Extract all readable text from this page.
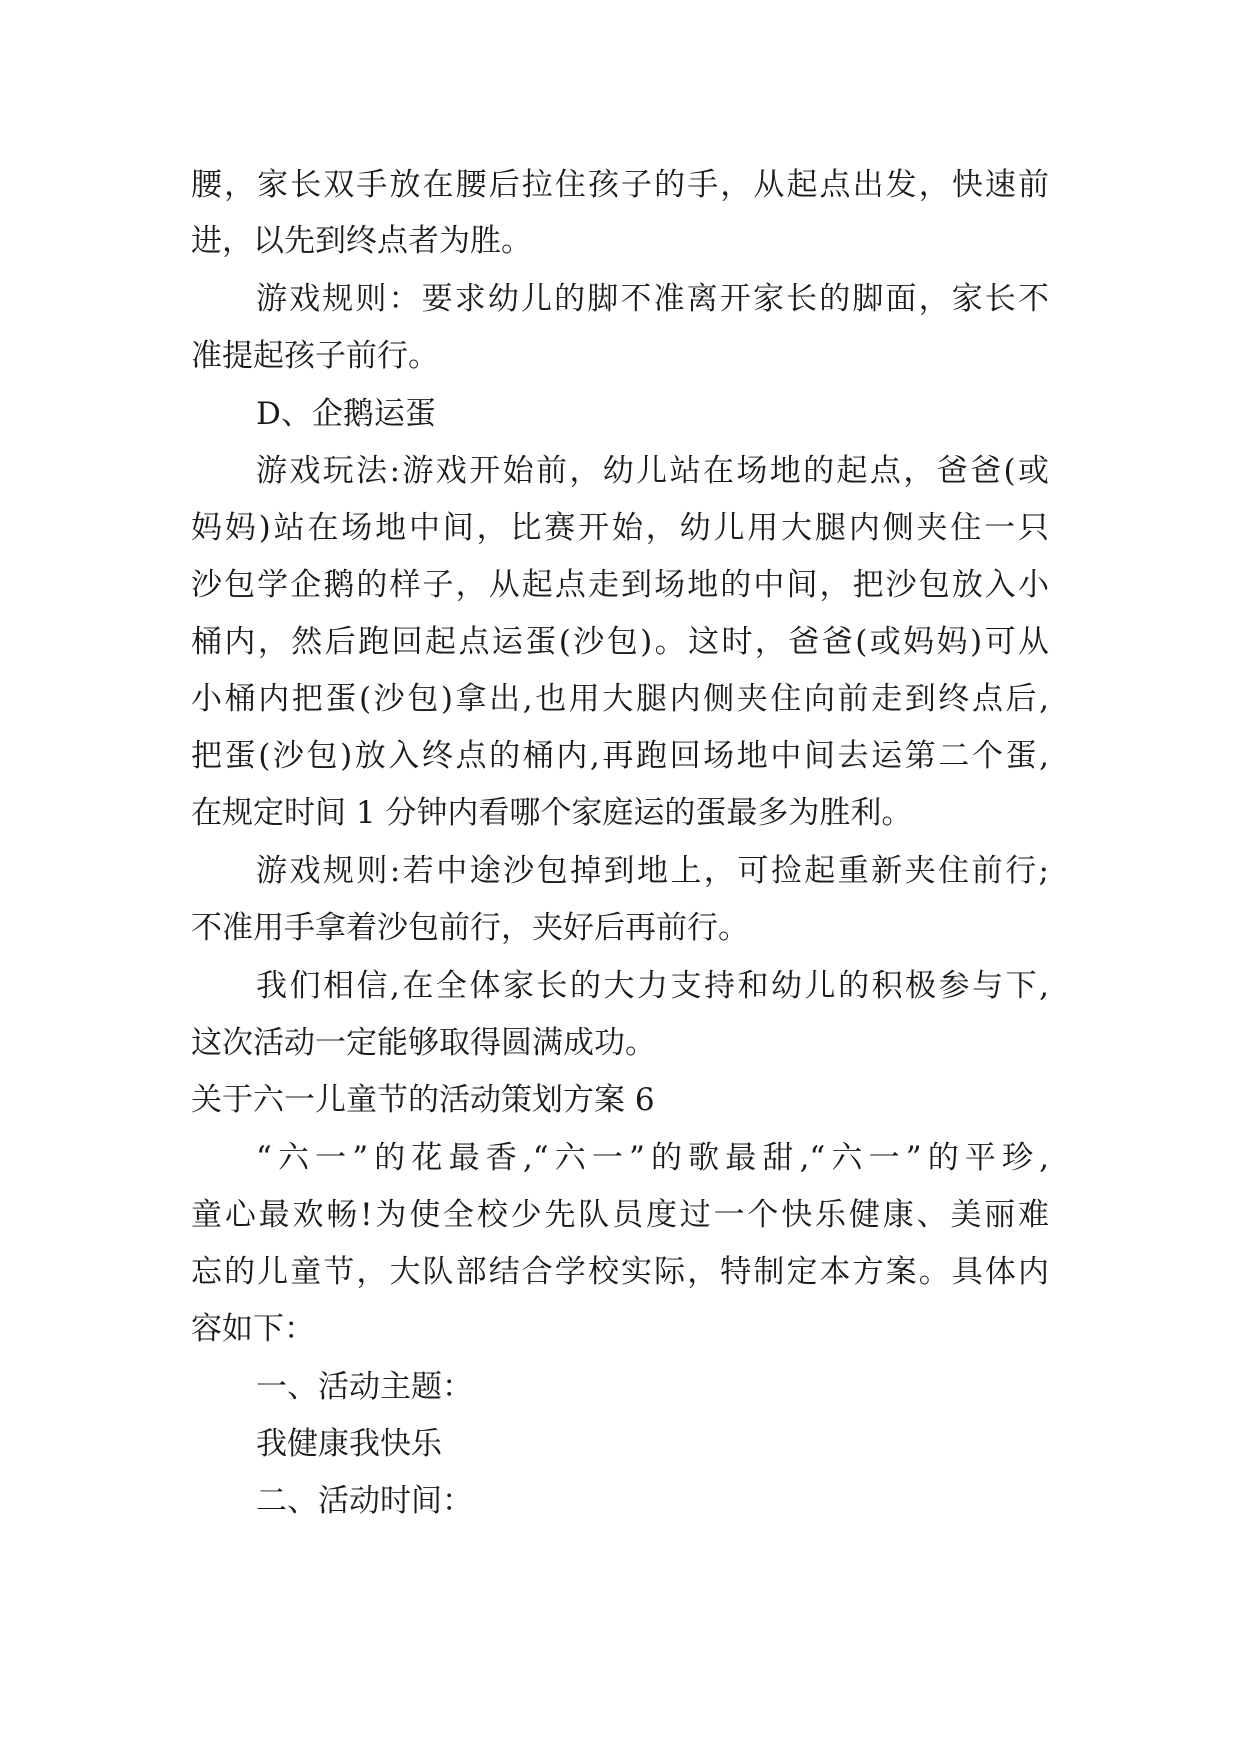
腰，家长双手放在腰后拉住孩子的手，从起点出发，快速前
进，以先到终点者为胜。
游戏规则：要求幼儿的脚不准离开家长的脚面，家长不
准提起孩子前行。
D、企鹅运蛋
游戏玩法:游戏开始前，幼儿站在场地的起点，爸爸(或
妈妈)站在场地中间，比赛开始，幼儿用大腿内侧夹住一只
沙包学企鹅的样子，从起点走到场地的中间，把沙包放入小
桶内，然后跑回起点运蛋(沙包)。这时，爸爸(或妈妈)可从
小桶内把蛋(沙包)拿出,也用大腿内侧夹住向前走到终点后,
把蛋(沙包)放入终点的桶内,再跑回场地中间去运第二个蛋,
在规定时间 1 分钟内看哪个家庭运的蛋最多为胜利。
游戏规则:若中途沙包掉到地上，可捡起重新夹住前行;
不准用手拿着沙包前行，夹好后再前行。
我们相信,在全体家长的大力支持和幼儿的积极参与下,
这次活动一定能够取得圆满成功。
关于六一儿童节的活动策划方案 6
“六一”的花最香,“六一”的歌最甜,“六一”的平珍,
童心最欢畅!为使全校少先队员度过一个快乐健康、美丽难
忘的儿童节，大队部结合学校实际，特制定本方案。具体内
容如下：
一、活动主题：
我健康我快乐
二、活动时间：
